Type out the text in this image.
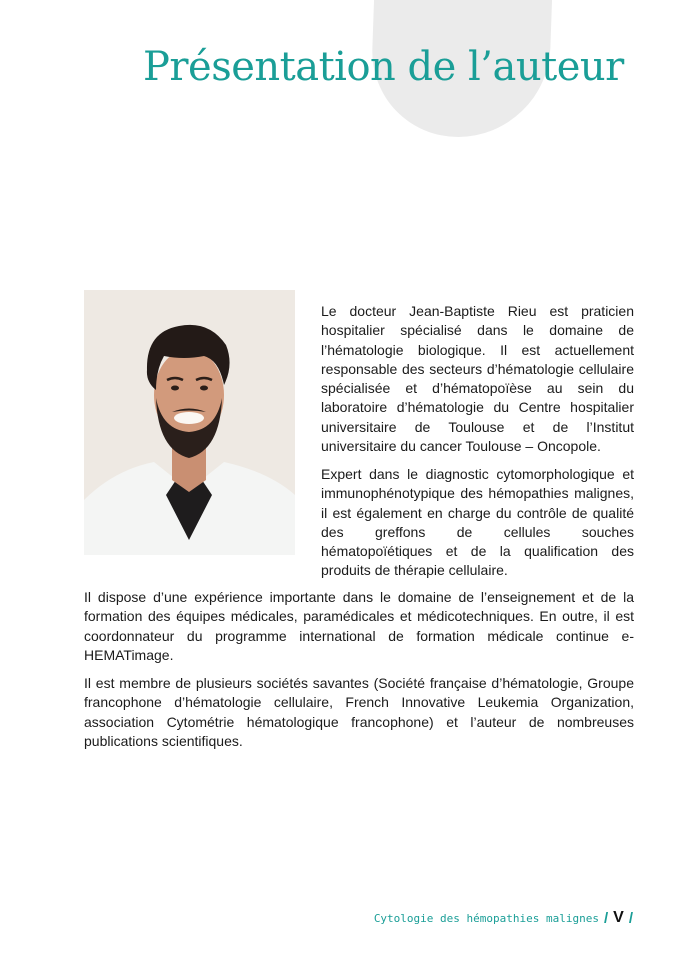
Présentation de l’auteur

Le docteur Jean-Baptiste Rieu est praticien hospitalier spécialisé dans le domaine de l’hématologie biologique. Il est actuellement responsable des secteurs d’hématologie cellulaire spécialisée et d’hématopoïèse au sein du laboratoire d’hématologie du Centre hospitalier universitaire de Toulouse et de l’Institut universitaire du cancer Toulouse – Oncopole.

Expert dans le diagnostic cytomorphologique et immunophénotypique des hémopathies malignes, il est également en charge du contrôle de qualité des greffons de cellules souches hématopoïétiques et de la qualification des produits de thérapie cellulaire.

Il dispose d’une expérience importante dans le domaine de l’enseignement et de la formation des équipes médicales, paramédicales et médicotechniques. En outre, il est coordonnateur du programme international de formation médicale continue e-HEMATimage.

Il est membre de plusieurs sociétés savantes (Société française d’hématologie, Groupe francophone d’hématologie cellulaire, French Innovative Leukemia Organization, association Cytométrie hématologique francophone) et l’auteur de nombreuses publications scientifiques.

Cytologie des hémopathies malignes / V /
